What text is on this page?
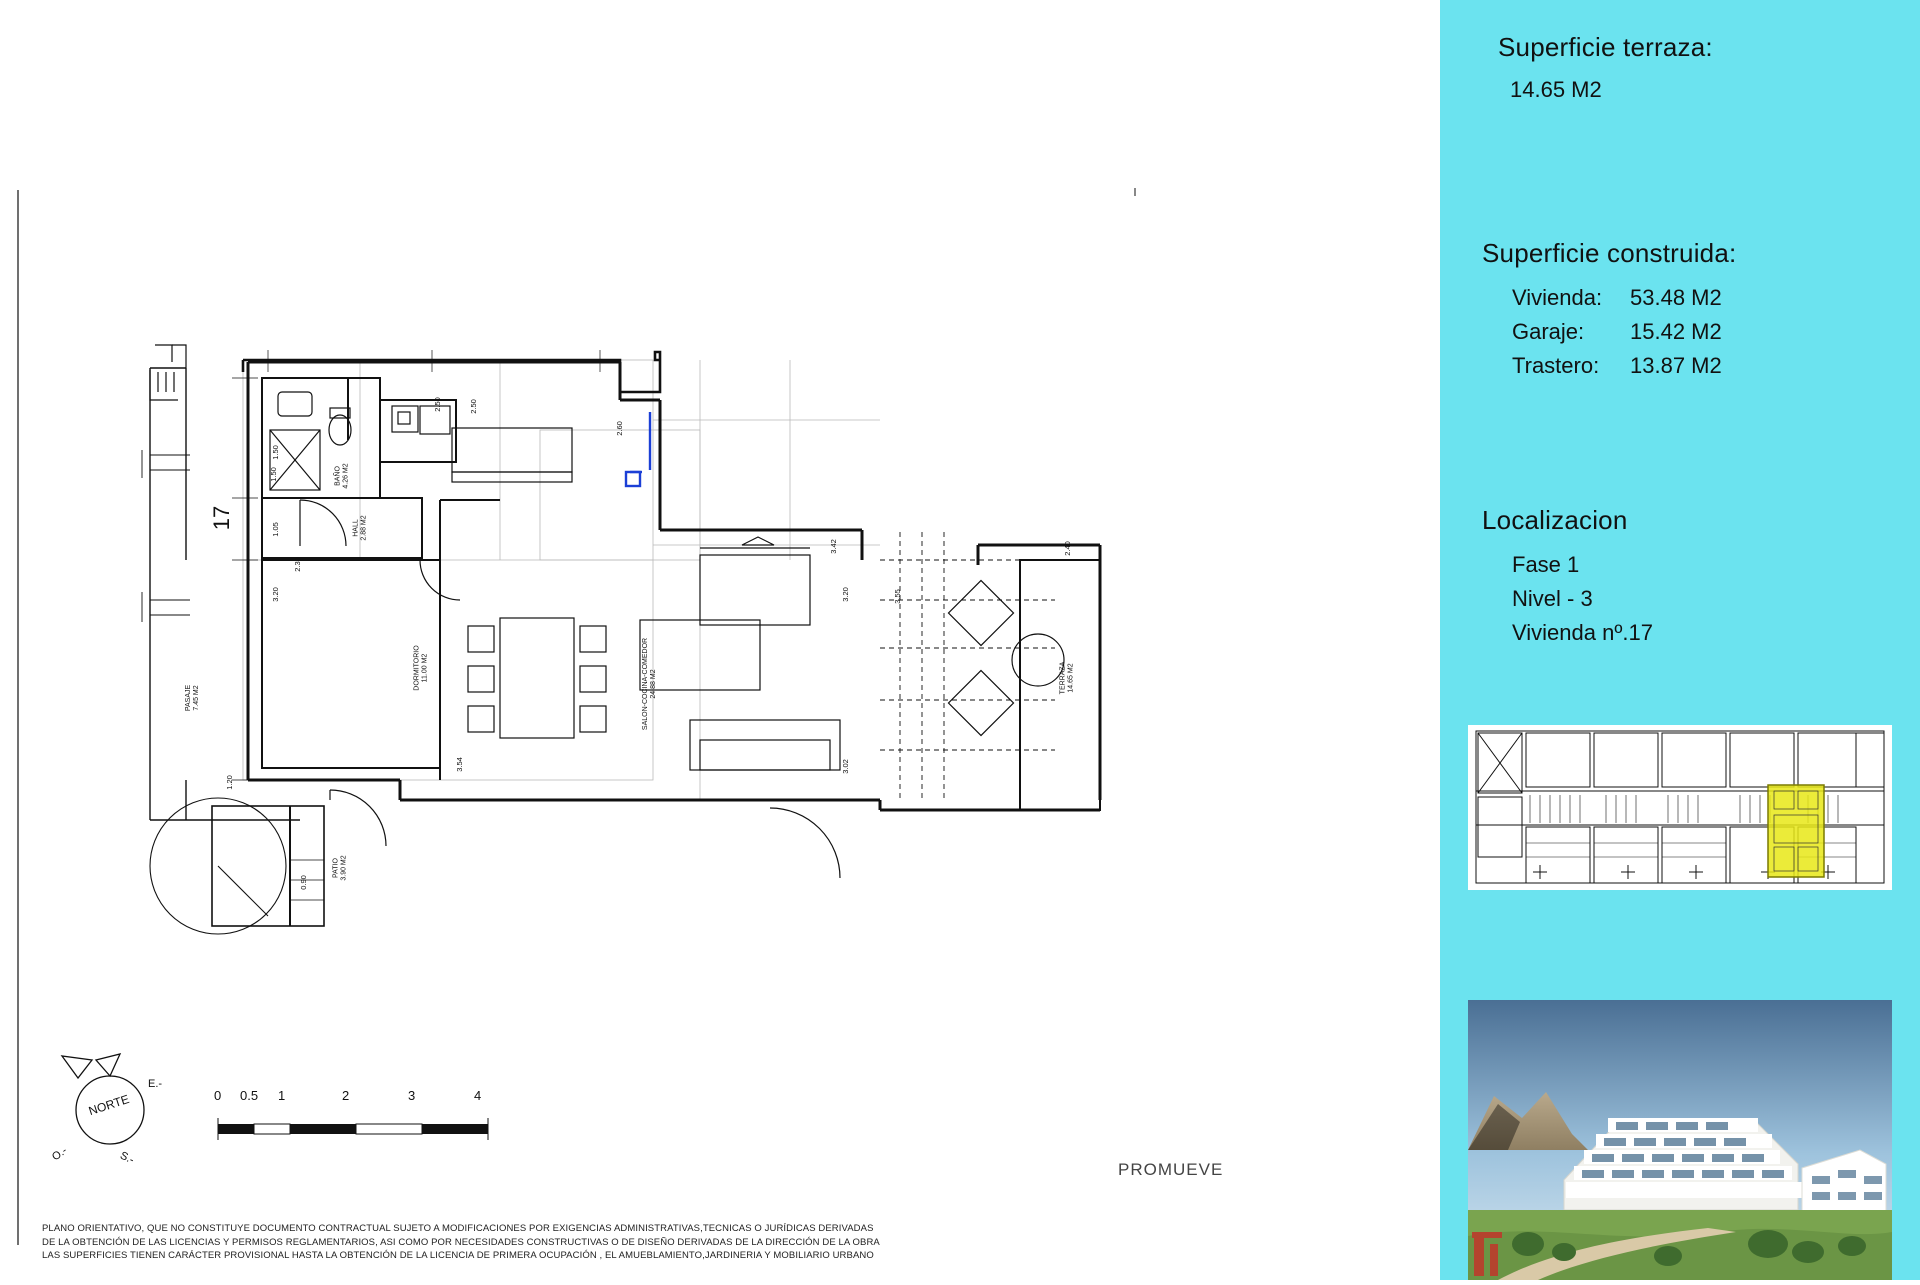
17
BAÑO
4.26 M2
HALL
2.88 M2
DORMITORIO
11.00 M2	SALON-COCINA-COMEDOR
24.88 M2	TERRAZA
14.65 M2
PATIO
3.90 M2
PASAJE
7.45 M2
2.50	2.50
2.60
1.50
1.05
3.20
3.42
3.20	3.55
2.40
3.54	3.02
1.20
1.50
0.90
2.30
NORTE
E.-
O.-	S.-
0 0.5 1	2	3	4
PROMUEVE
PLANO ORIENTATIVO, QUE NO CONSTITUYE DOCUMENTO CONTRACTUAL SUJETO A MODIFICACIONES POR EXIGENCIAS ADMINISTRATIVAS,TECNICAS O JURÍDICAS DERIVADAS
DE LA OBTENCIÓN DE LAS LICENCIAS Y PERMISOS REGLAMENTARIOS, ASI COMO POR NECESIDADES CONSTRUCTIVAS O DE DISEÑO DERIVADAS DE LA DIRECCIÓN DE LA OBRA
LAS SUPERFICIES TIENEN CARÁCTER PROVISIONAL HASTA LA OBTENCIÓN DE LA LICENCIA DE PRIMERA OCUPACIÓN , EL AMUEBLAMIENTO,JARDINERIA Y MOBILIARIO URBANO
Superficie terraza:
14.65 M2
Superficie construida:
Vivienda:	53.48 M2
Garaje:	15.42 M2
Trastero:	13.87 M2
Localizacion
Fase 1
Nivel - 3
Vivienda nº.17
